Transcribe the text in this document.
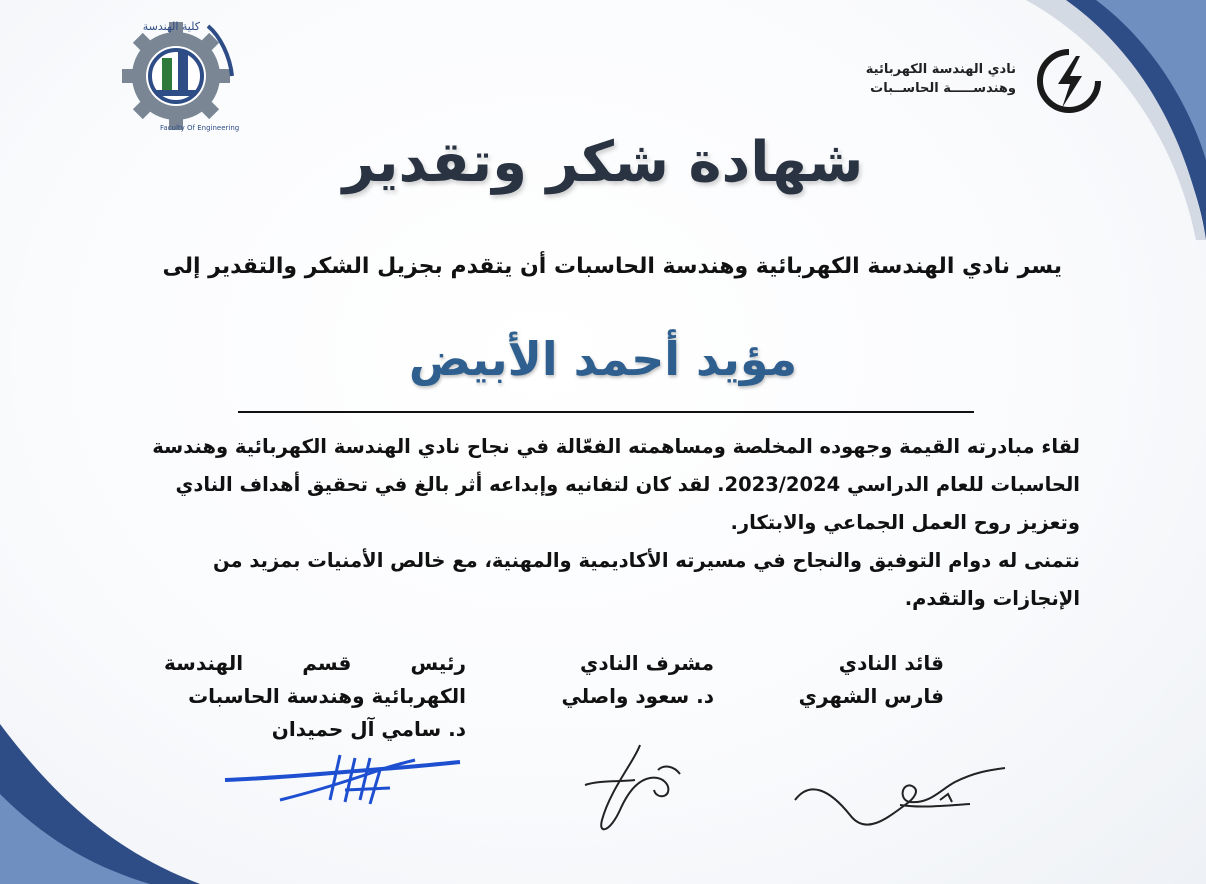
كلية الهندسة
Faculty Of Engineering
نادي الهندسة الكهربائية
وهندســـــة الحاســبات
شهادة شكر وتقدير
يسر نادي الهندسة الكهربائية وهندسة الحاسبات أن يتقدم بجزيل الشكر والتقدير إلى
مؤيد أحمد الأبيض

لقاء مبادرته القيمة وجهوده المخلصة ومساهمته الفعّالة في نجاح نادي الهندسة الكهربائية وهندسة الحاسبات للعام الدراسي 2023/2024. لقد كان لتفانيه وإبداعه أثر بالغ في تحقيق أهداف النادي وتعزيز روح العمل الجماعي والابتكار.

نتمنى له دوام التوفيق والنجاح في مسيرته الأكاديمية والمهنية، مع خالص الأمنيات بمزيد من الإنجازات والتقدم.

قائد النادي
فارس الشهري
مشرف النادي
د. سعود واصلي
رئيس
قسم
الهندسة
الكهربائية وهندسة الحاسبات
د. سامي آل حميدان
